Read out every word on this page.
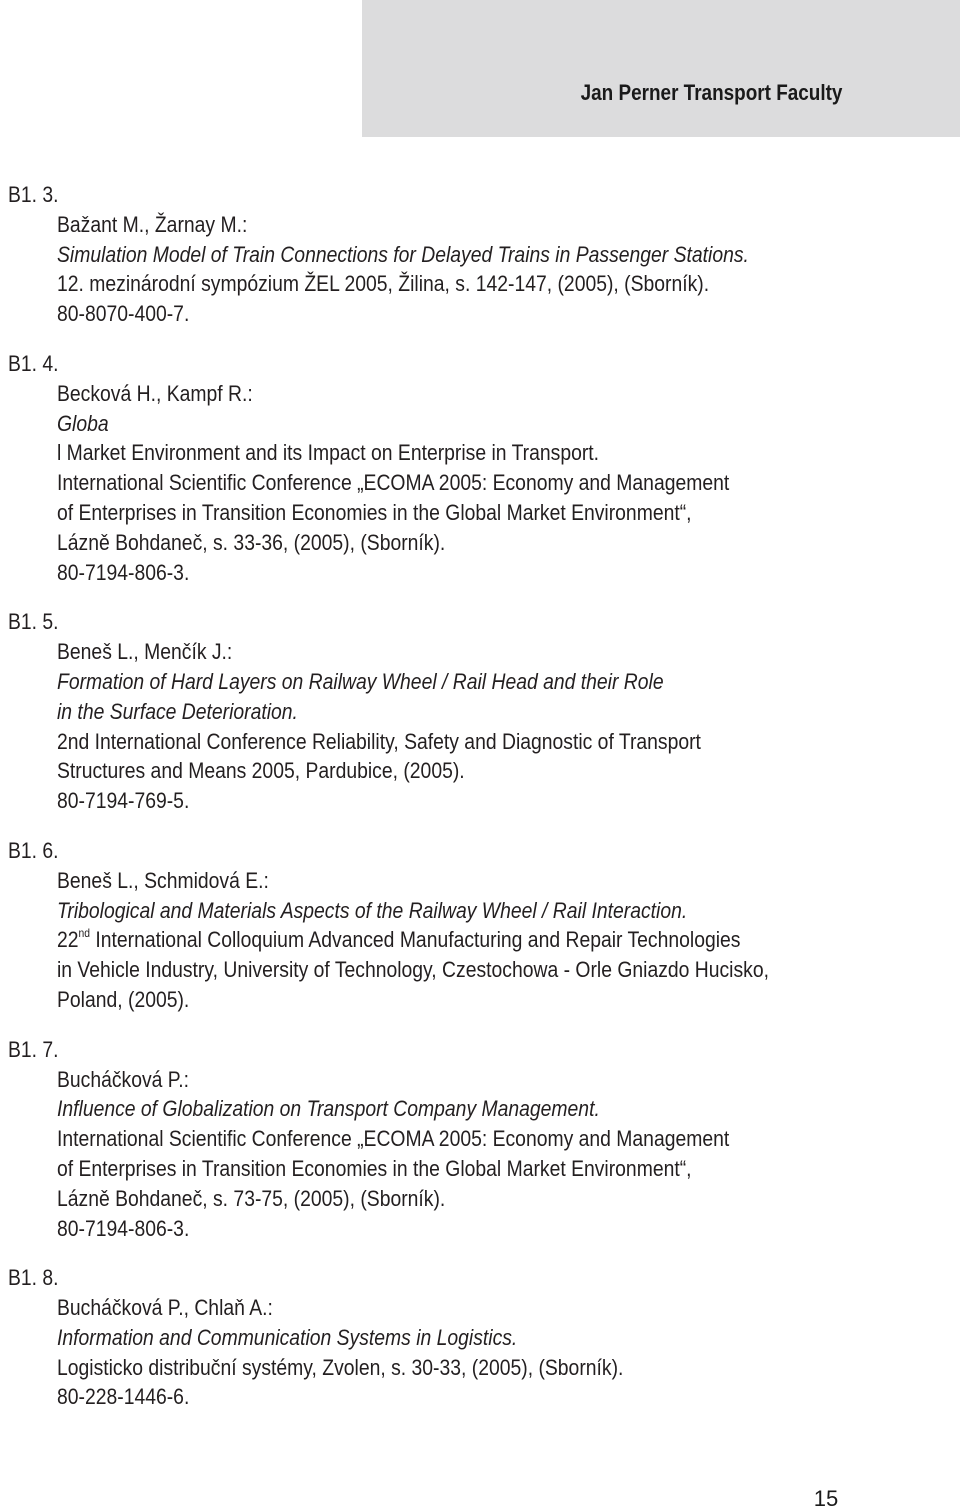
Jan Perner Transport Faculty
B1. 3.
Bažant M., Žarnay M.:
Simulation Model of Train Connections for Delayed Trains in Passenger Stations.
12. mezinárodní sympózium ŽEL 2005, Žilina, s. 142-147, (2005), (Sborník).
80-8070-400-7.
B1. 4.
Becková H., Kampf R.:
Globa
l Market Environment and its Impact on Enterprise in Transport.
International Scientific Conference „ECOMA 2005: Economy and Management
of Enterprises in Transition Economies in the Global Market Environment“,
Lázně Bohdaneč, s. 33-36, (2005), (Sborník).
80-7194-806-3.
B1. 5.
Beneš L., Menčík J.:
Formation of Hard Layers on Railway Wheel / Rail Head and their Role
in the Surface Deterioration.
2nd International Conference Reliability, Safety and Diagnostic of Transport
Structures and Means 2005, Pardubice, (2005).
80-7194-769-5.
B1. 6.
Beneš L., Schmidová E.:
Tribological and Materials Aspects of the Railway Wheel / Rail Interaction.
22nd International Colloquium Advanced Manufacturing and Repair Technologies
in Vehicle Industry, University of Technology, Czestochowa - Orle Gniazdo Hucisko,
Poland, (2005).
B1. 7.
Bucháčková P.:
Influence of Globalization on Transport Company Management.
International Scientific Conference „ECOMA 2005: Economy and Management
of Enterprises in Transition Economies in the Global Market Environment“,
Lázně Bohdaneč, s. 73-75, (2005), (Sborník).
80-7194-806-3.
B1. 8.
Bucháčková P., Chlaň A.:
Information and Communication Systems in Logistics.
Logisticko distribuční systémy, Zvolen, s. 30-33, (2005), (Sborník).
80-228-1446-6.
15
